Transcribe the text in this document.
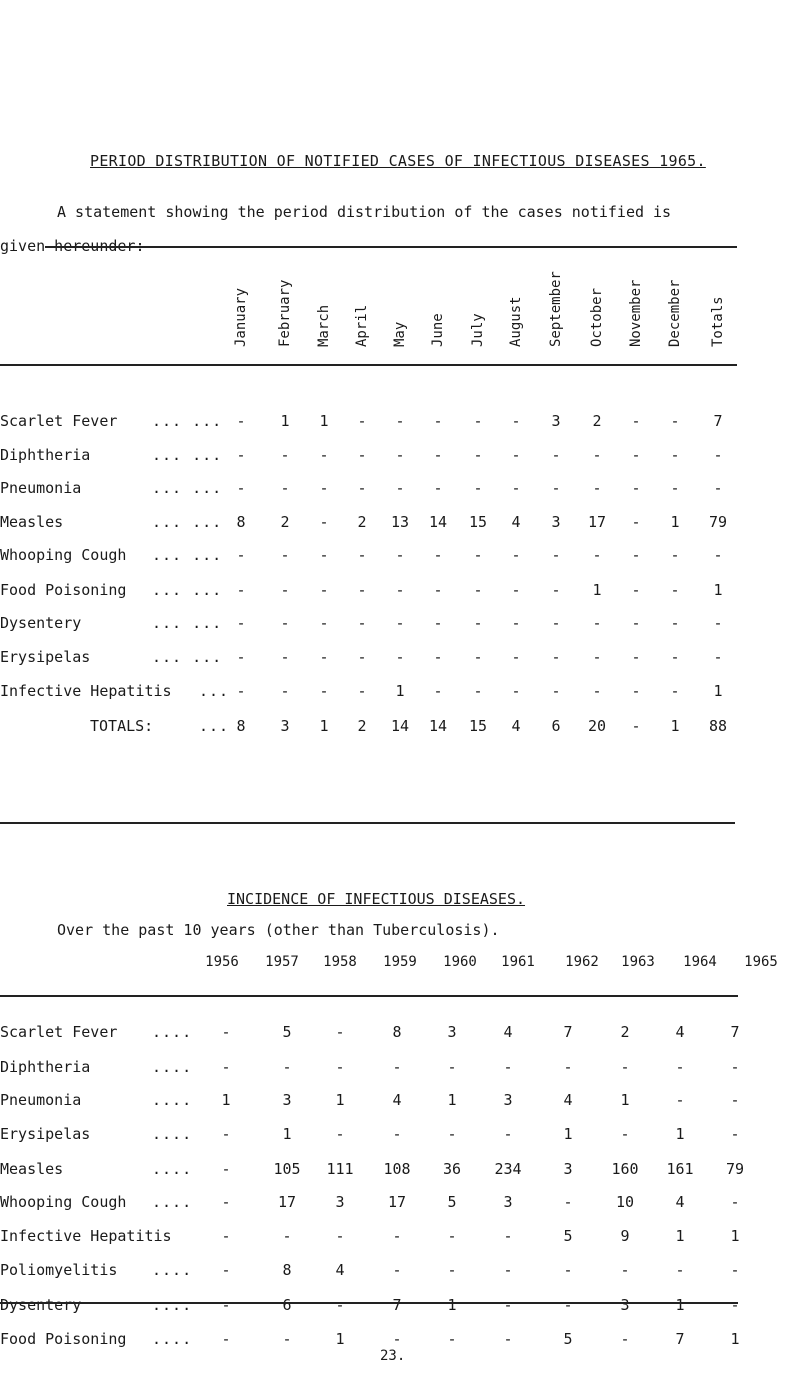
PERIOD DISTRIBUTION OF NOTIFIED CASES OF INFECTIOUS DISEASES 1965.
A statement showing the period distribution of the cases notified is
given hereunder:
January February March April May June July August September October November December Totals
Scarlet Fever ... ... -	1	1	-	-	-	-	-	3	2	-	-	7
Diphtheria	... ... -	-	-	-	-	-	-	-	-	-	-	-	-
Pneumonia	... ... -	-	-	-	-	-	-	-	-	-	-	-	-
Measles	... ... 8	2	-	2	13	14	15	4	3	17	-	1	79
Whooping Cough ... ... -	-	-	-	-	-	-	-	-	-	-	-	-
Food Poisoning ... ... -	-	-	-	-	-	-	-	-	1	-	-	1
Dysentery	... ... -	-	-	-	-	-	-	-	-	-	-	-	-
Erysipelas	... ... -	-	-	-	-	-	-	-	-	-	-	-	-
Infective Hepatitis ... -	-	-	-	1	-	-	-	-	-	-	-	1
TOTALS:	... 8	3	1	2	14	14	15	4	6	20	-	1	88
INCIDENCE OF INFECTIOUS DISEASES.
Over the past 10 years (other than Tuberculosis).
1956	1957	1958	1959	1960	1961	1962	1963	1964	1965
Scarlet Fever ....	-	5	-	8	3	4	7	2	4	7
Diphtheria	....	-	-	-	-	-	-	-	-	-	-
Pneumonia	....	1	3	1	4	1	3	4	1	-	-
Erysipelas	....	-	1	-	-	-	-	1	-	1	-
Measles	....	-	105 111 108	36	234	3	160 161	79
Whooping Cough ....	-	17	3	17	5	3	-	10	4	-
Infective Hepatitis	-	-	-	-	-	-	5	9	1	1
Poliomyelitis ....	-	8	4	-	-	-	-	-	-	-
Dysentery	....	-	6	-	7	1	-	-	3	1	-
Food Poisoning ....	-	-	1	-	-	-	5	-	7	1
23.
